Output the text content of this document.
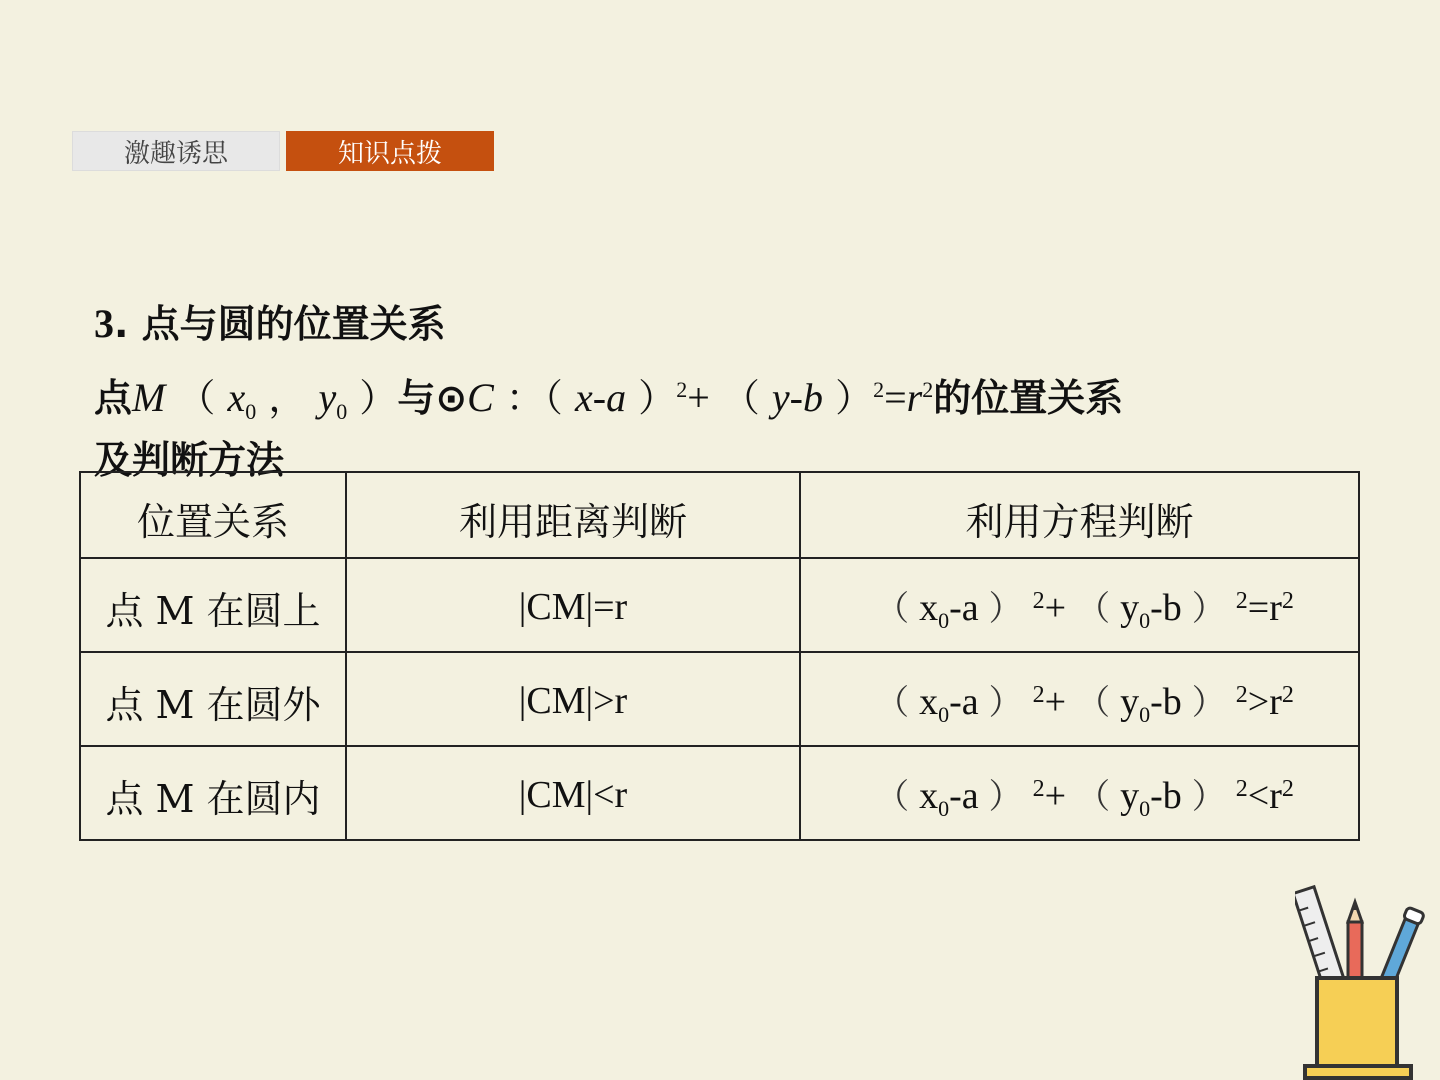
激趣诱思	知识点拨
3. 点与圆的位置关系
点M （ $x_0$ ， $y_0$ ）与⊙C ：（ x-a ）$^2$+ （ y-b ）$^2=r^2$的位置关系
及判断方法
位置关系	利用距离判断	利用方程判断
点 M 在圆上	|CM|=r	（ $x_0-a$ ） $^2$+ （ $y_0-b$ ） $^2=r^2$
点 M 在圆外	|CM|>r	（ $x_0-a$ ） $^2$+ （ $y_0-b$ ） $^2>r^2$
点 M 在圆内	|CM|<r	（ $x_0-a$ ） $^2$+ （ $y_0-b$ ） $^2<r^2$
